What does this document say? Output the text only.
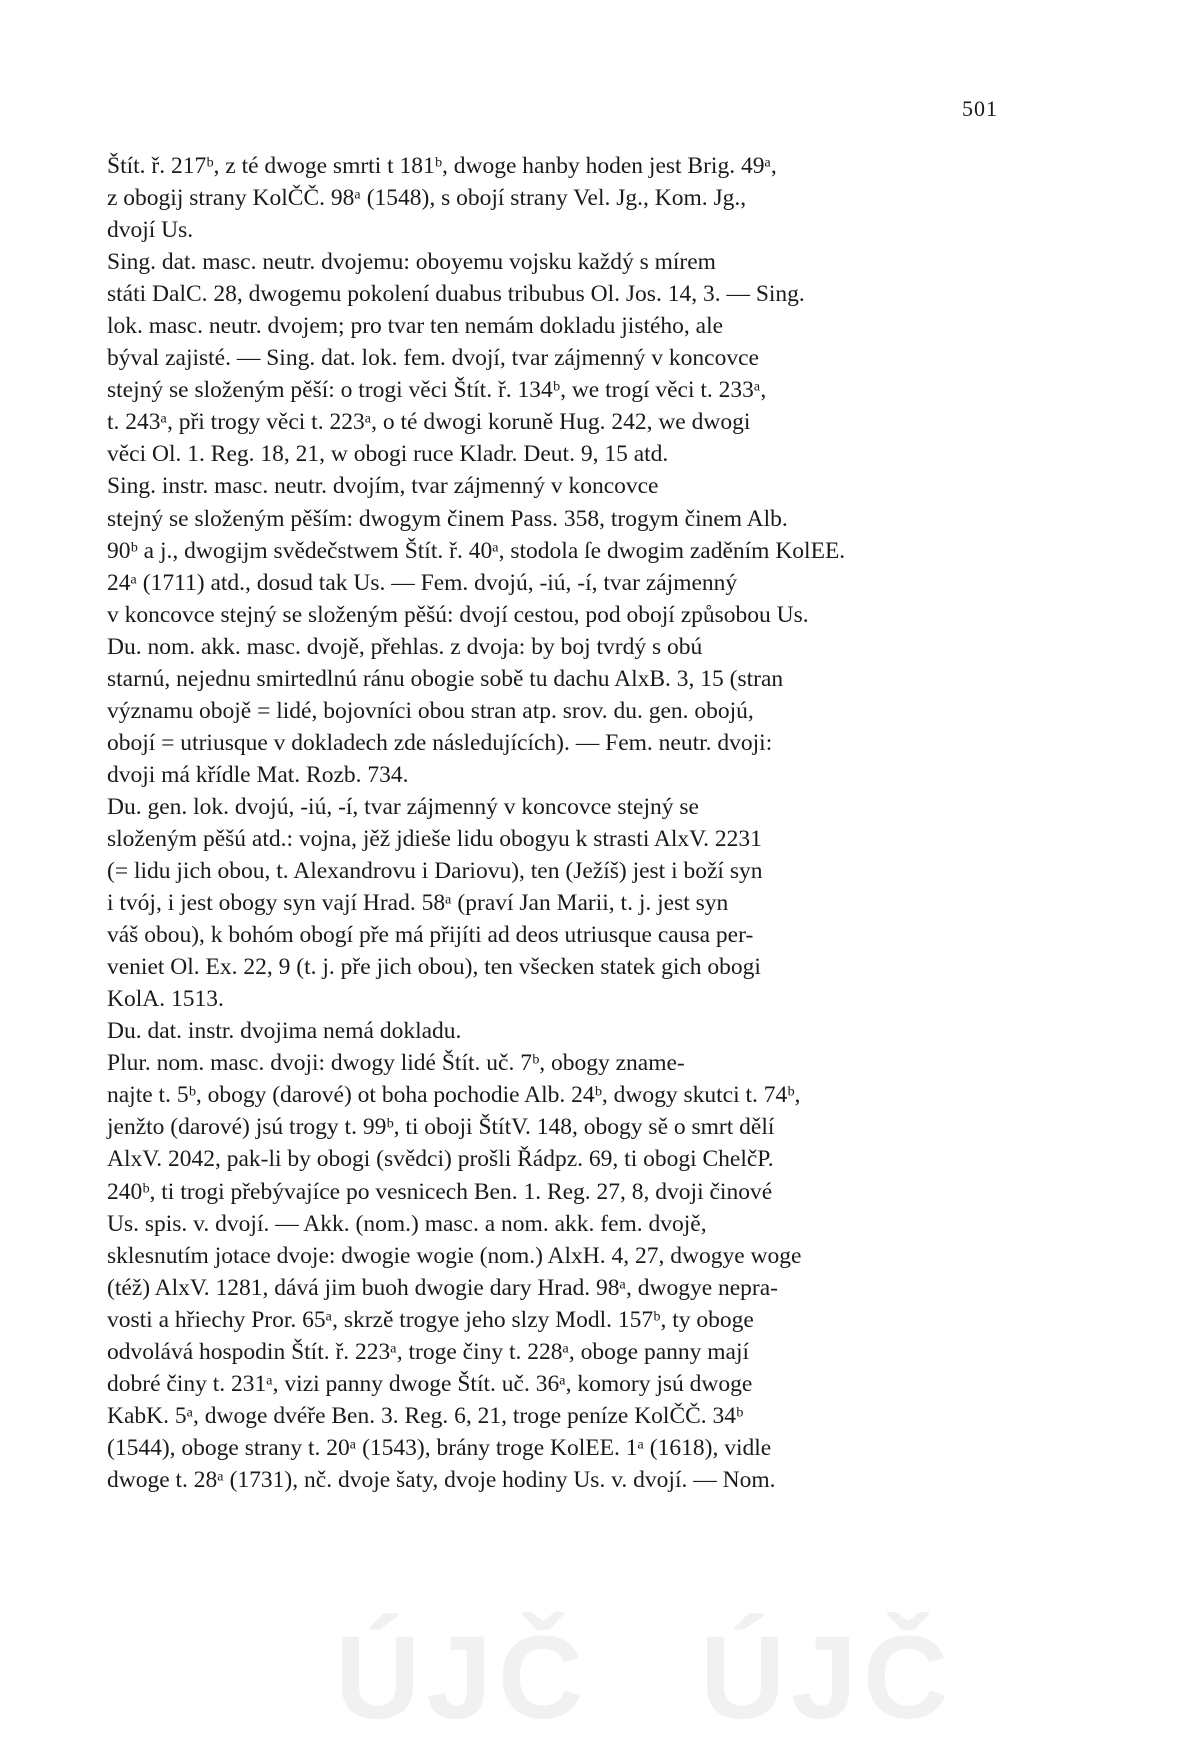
501
Štít. ř. 217ᵇ, z té dwoge smrti t 181ᵇ, dwoge hanby hoden jest Brig. 49ᵃ,
z obogij strany KolČČ. 98ᵃ (1548), s obojí strany Vel. Jg., Kom. Jg.,
dvojí Us.
Sing. dat. masc. neutr. dvojemu: oboyemu vojsku každý s mírem
státi DalC. 28, dwogemu pokolení duabus tribubus Ol. Jos. 14, 3. — Sing.
lok. masc. neutr. dvojem; pro tvar ten nemám dokladu jistého, ale
býval zajisté. — Sing. dat. lok. fem. dvojí, tvar zájmenný v koncovce
stejný se složeným pěší: o trogi věci Štít. ř. 134ᵇ, we trogí věci t. 233ᵃ,
t. 243ᵃ, při trogy věci t. 223ᵃ, o té dwogi koruně Hug. 242, we dwogi
věci Ol. 1. Reg. 18, 21, w obogi ruce Kladr. Deut. 9, 15 atd.
Sing. instr. masc. neutr. dvojím, tvar zájmenný v koncovce
stejný se složeným pěším: dwogym činem Pass. 358, trogym činem Alb.
90ᵇ a j., dwogijm svědečstwem Štít. ř. 40ᵃ, stodola ſe dwogim zaděním KolEE.
24ᵃ (1711) atd., dosud tak Us. — Fem. dvojú, -iú, -í, tvar zájmenný
v koncovce stejný se složeným pěšú: dvojí cestou, pod obojí způsobou Us.
Du. nom. akk. masc. dvojě, přehlas. z dvoja: by boj tvrdý s obú
starnú, nejednu smirtedlnú ránu obogie sobě tu dachu AlxB. 3, 15 (stran
významu obojě = lidé, bojovníci obou stran atp. srov. du. gen. obojú,
obojí = utriusque v dokladech zde následujících). — Fem. neutr. dvoji:
dvoji má křídle Mat. Rozb. 734.
Du. gen. lok. dvojú, -iú, -í, tvar zájmenný v koncovce stejný se
složeným pěšú atd.: vojna, jěž jdieše lidu obogyu k strasti AlxV. 2231
(= lidu jich obou, t. Alexandrovu i Dariovu), ten (Ježíš) jest i boží syn
i tvój, i jest obogy syn vají Hrad. 58ᵃ (praví Jan Marii, t. j. jest syn
váš obou), k bohóm obogí pře má přijíti ad deos utriusque causa per-
veniet Ol. Ex. 22, 9 (t. j. pře jich obou), ten všecken statek gich obogi
KolA. 1513.
Du. dat. instr. dvojima nemá dokladu.
Plur. nom. masc. dvoji: dwogy lidé Štít. uč. 7ᵇ, obogy zname-
najte t. 5ᵇ, obogy (darové) ot boha pochodie Alb. 24ᵇ, dwogy skutci t. 74ᵇ,
jenžto (darové) jsú trogy t. 99ᵇ, ti oboji ŠtítV. 148, obogy sě o smrt dělí
AlxV. 2042, pak-li by obogi (svědci) prošli Řádpz. 69, ti obogi ChelčP.
240ᵇ, ti trogi přebývajíce po vesnicech Ben. 1. Reg. 27, 8, dvoji činové
Us. spis. v. dvojí. — Akk. (nom.) masc. a nom. akk. fem. dvojě,
sklesnutím jotace dvoje: dwogie wogie (nom.) AlxH. 4, 27, dwogye woge
(též) AlxV. 1281, dává jim buoh dwogie dary Hrad. 98ᵃ, dwogye nepra-
vosti a hřiechy Pror. 65ᵃ, skrzě trogye jeho slzy Modl. 157ᵇ, ty oboge
odvolává hospodin Štít. ř. 223ᵃ, troge činy t. 228ᵃ, oboge panny mají
dobré činy t. 231ᵃ, vizi panny dwoge Štít. uč. 36ᵃ, komory jsú dwoge
KabK. 5ᵃ, dwoge dvéře Ben. 3. Reg. 6, 21, troge peníze KolČČ. 34ᵇ
(1544), oboge strany t. 20ᵃ (1543), brány troge KolEE. 1ᵃ (1618), vidle
dwoge t. 28ᵃ (1731), nč. dvoje šaty, dvoje hodiny Us. v. dvojí. — Nom.
ÚJČ ÚJČ
